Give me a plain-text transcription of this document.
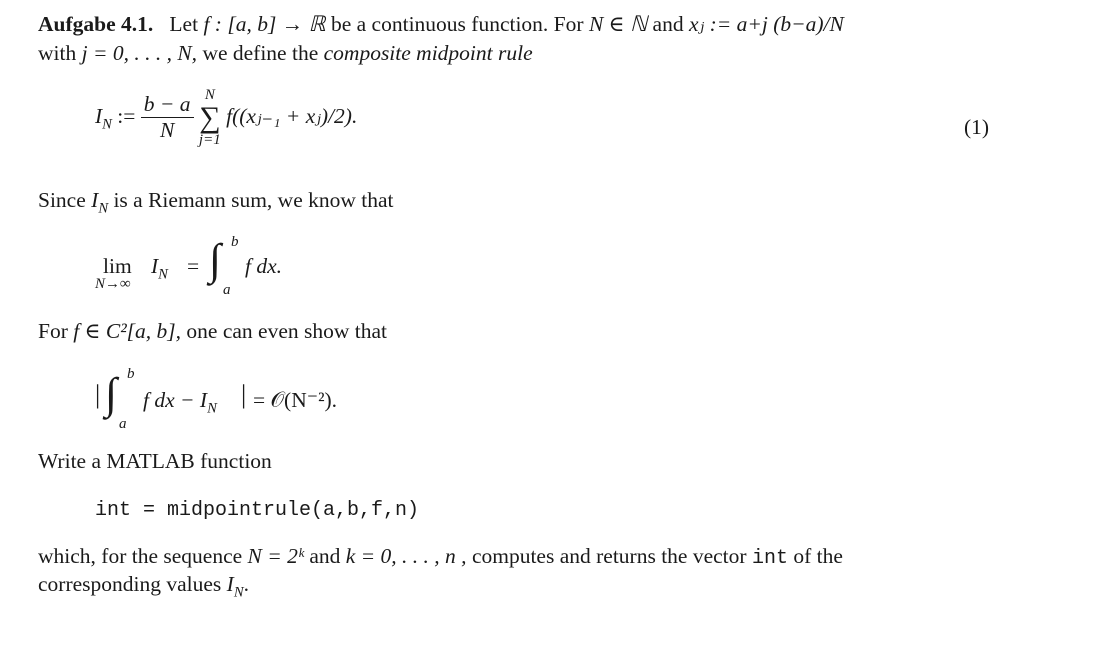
Aufgabe 4.1. Let f : [a, b] → ℝ be a continuous function. For N ∈ ℕ and xⱼ := a+j (b−a)/N
with j = 0, . . . , N, we define the composite midpoint rule
$I_N$ := $\frac{b - a}{N}$
N
∑
j=1
f((xⱼ₋₁ + xⱼ)/2).	(1)
Since $I_N$ is a Riemann sum, we know that
lim
N→∞
$I_N$ = ∫ b
a
f dx.
For f ∈ C²[a, b], one can even show that
| ∫ b
a
f dx − $I_N$ | = 𝒪(N⁻²).
Write a MATLAB function
int = midpointrule(a,b,f,n)
which, for the sequence N = 2ᵏ and k = 0, . . . , n , computes and returns the vector int of the
corresponding values $I_N$.
